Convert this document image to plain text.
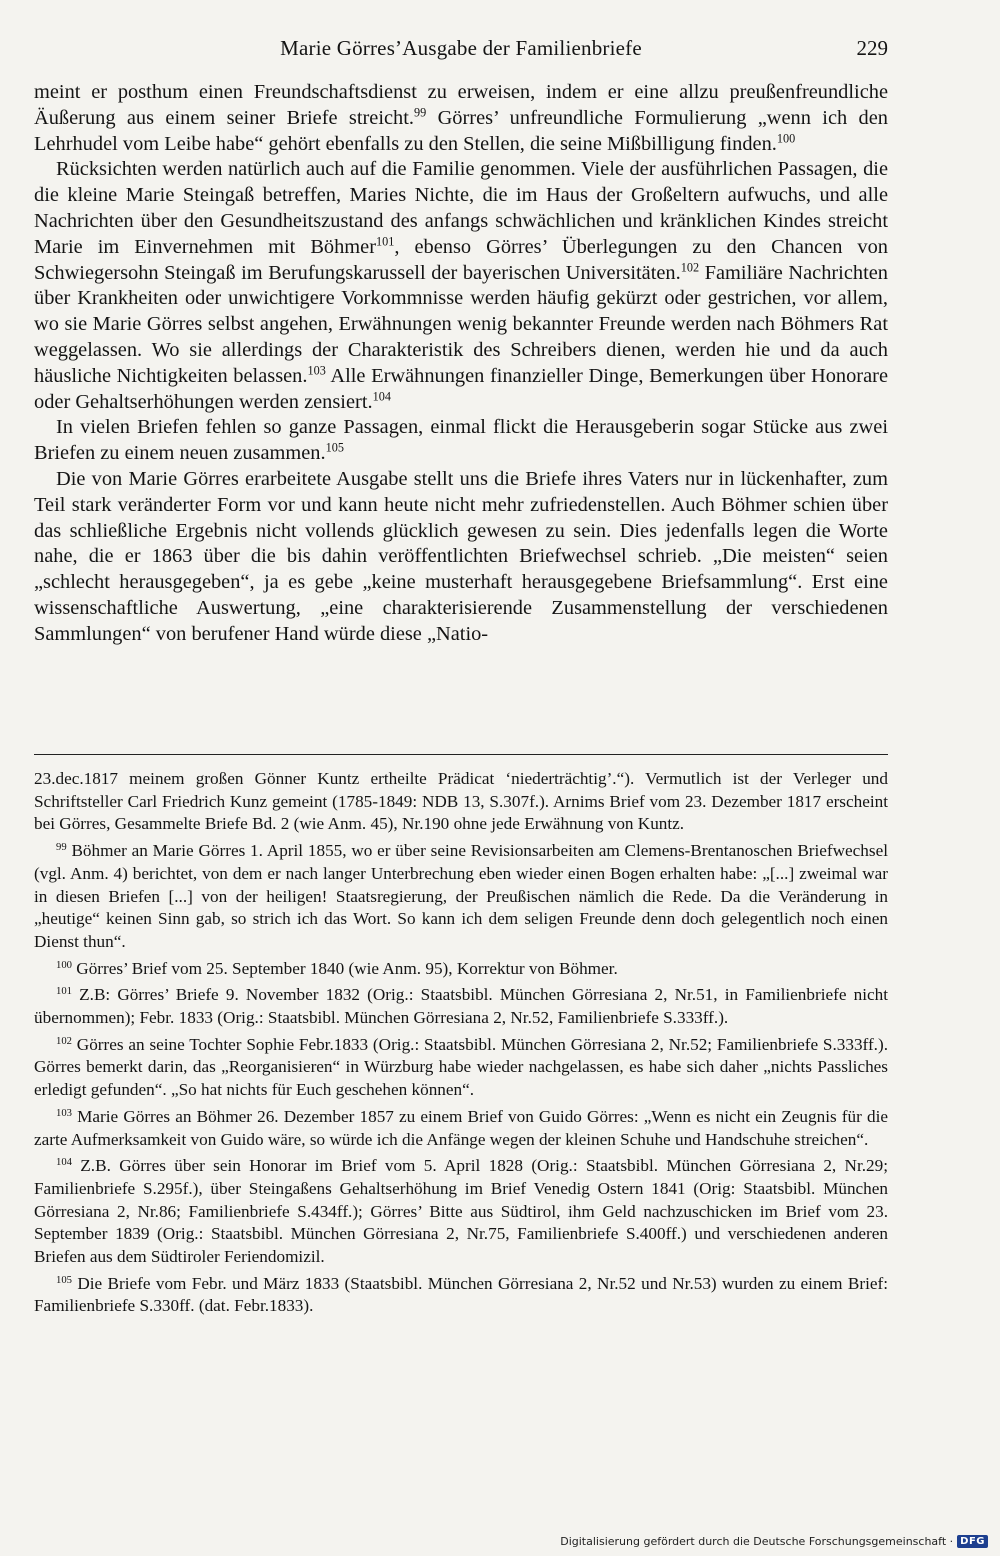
Marie Görres’Ausgabe der Familienbriefe	229

meint er posthum einen Freundschaftsdienst zu erweisen, indem er eine allzu preußenfreundliche Äußerung aus einem seiner Briefe streicht.$^{99}$ Görres’ unfreundliche Formulierung „wenn ich den Lehrhudel vom Leibe habe“ gehört ebenfalls zu den Stellen, die seine Mißbilligung finden.$^{100}$

Rücksichten werden natürlich auch auf die Familie genommen. Viele der ausführlichen Passagen, die die kleine Marie Steingaß betreffen, Maries Nichte, die im Haus der Großeltern aufwuchs, und alle Nachrichten über den Gesundheitszustand des anfangs schwächlichen und kränklichen Kindes streicht Marie im Einvernehmen mit Böhmer$^{101}$, ebenso Görres’ Überlegungen zu den Chancen von Schwiegersohn Steingaß im Berufungskarussell der bayerischen Universitäten.$^{102}$ Familiäre Nachrichten über Krankheiten oder unwichtigere Vorkommnisse werden häufig gekürzt oder gestrichen, vor allem, wo sie Marie Görres selbst angehen, Erwähnungen wenig bekannter Freunde werden nach Böhmers Rat weggelassen. Wo sie allerdings der Charakteristik des Schreibers dienen, werden hie und da auch häusliche Nichtigkeiten belassen.$^{103}$ Alle Erwähnungen finanzieller Dinge, Bemerkungen über Honorare oder Gehaltserhöhungen werden zensiert.$^{104}$

In vielen Briefen fehlen so ganze Passagen, einmal flickt die Herausgeberin sogar Stücke aus zwei Briefen zu einem neuen zusammen.$^{105}$

Die von Marie Görres erarbeitete Ausgabe stellt uns die Briefe ihres Vaters nur in lückenhafter, zum Teil stark veränderter Form vor und kann heute nicht mehr zufriedenstellen. Auch Böhmer schien über das schließliche Ergebnis nicht vollends glücklich gewesen zu sein. Dies jedenfalls legen die Worte nahe, die er 1863 über die bis dahin veröffentlichten Briefwechsel schrieb. „Die meisten“ seien „schlecht herausgegeben“, ja es gebe „keine musterhaft herausgegebene Briefsammlung“. Erst eine wissenschaftliche Auswertung, „eine charakterisierende Zusammenstellung der verschiedenen Sammlungen“ von berufener Hand würde diese „Natio-

23.dec.1817 meinem großen Gönner Kuntz ertheilte Prädicat ‘niederträchtig’.“). Vermutlich ist der Verleger und Schriftsteller Carl Friedrich Kunz gemeint (1785-1849: NDB 13, S.307f.). Arnims Brief vom 23. Dezember 1817 erscheint bei Görres, Gesammelte Briefe Bd. 2 (wie Anm. 45), Nr.190 ohne jede Erwähnung von Kuntz.

$^{99}$ Böhmer an Marie Görres 1. April 1855, wo er über seine Revisionsarbeiten am Clemens-Brentanoschen Briefwechsel (vgl. Anm. 4) berichtet, von dem er nach langer Unterbrechung eben wieder einen Bogen erhalten habe: „[...] zweimal war in diesen Briefen [...] von der heiligen! Staatsregierung, der Preußischen nämlich die Rede. Da die Veränderung in „heutige“ keinen Sinn gab, so strich ich das Wort. So kann ich dem seligen Freunde denn doch gelegentlich noch einen Dienst thun“.

$^{100}$ Görres’ Brief vom 25. September 1840 (wie Anm. 95), Korrektur von Böhmer.

$^{101}$ Z.B: Görres’ Briefe 9. November 1832 (Orig.: Staatsbibl. München Görresiana 2, Nr.51, in Familienbriefe nicht übernommen); Febr. 1833 (Orig.: Staatsbibl. München Görresiana 2, Nr.52, Familienbriefe S.333ff.).

$^{102}$ Görres an seine Tochter Sophie Febr.1833 (Orig.: Staatsbibl. München Görresiana 2, Nr.52; Familienbriefe S.333ff.). Görres bemerkt darin, das „Reorganisieren“ in Würzburg habe wieder nachgelassen, es habe sich daher „nichts Passliches erledigt gefunden“. „So hat nichts für Euch geschehen können“.

$^{103}$ Marie Görres an Böhmer 26. Dezember 1857 zu einem Brief von Guido Görres: „Wenn es nicht ein Zeugnis für die zarte Aufmerksamkeit von Guido wäre, so würde ich die Anfänge wegen der kleinen Schuhe und Handschuhe streichen“.

$^{104}$ Z.B. Görres über sein Honorar im Brief vom 5. April 1828 (Orig.: Staatsbibl. München Görresiana 2, Nr.29; Familienbriefe S.295f.), über Steingaßens Gehaltserhöhung im Brief Venedig Ostern 1841 (Orig: Staatsbibl. München Görresiana 2, Nr.86; Familienbriefe S.434ff.); Görres’ Bitte aus Südtirol, ihm Geld nachzuschicken im Brief vom 23. September 1839 (Orig.: Staatsbibl. München Görresiana 2, Nr.75, Familienbriefe S.400ff.) und verschiedenen anderen Briefen aus dem Südtiroler Feriendomizil.

$^{105}$ Die Briefe vom Febr. und März 1833 (Staatsbibl. München Görresiana 2, Nr.52 und Nr.53) wurden zu einem Brief: Familienbriefe S.330ff. (dat. Febr.1833).

Digitalisierung gefördert durch die Deutsche Forschungsgemeinschaft · DFG
